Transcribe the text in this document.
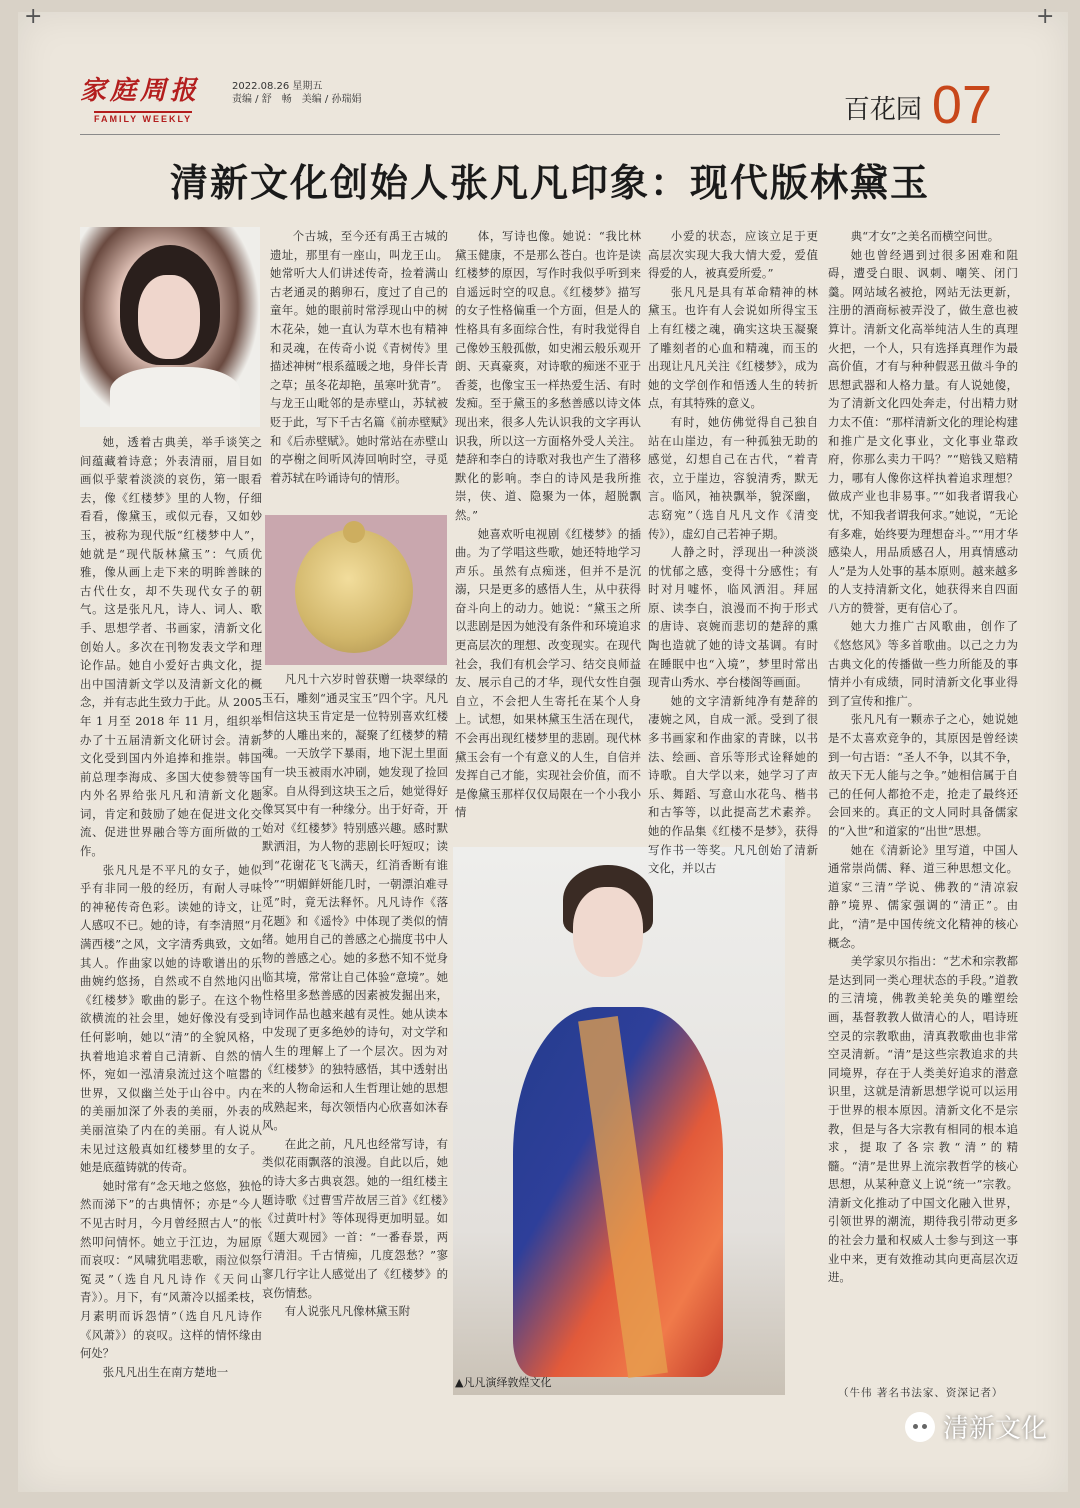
+	+
家庭周报
FAMILY WEEKLY
2022.08.26 星期五
责编 / 舒　畅　美编 / 孙瑞娟	百花园 07
清新文化创始人张凡凡印象：现代版林黛玉
▲凡凡演绎敦煌文化

她，透着古典美，举手谈笑之间蕴藏着诗意；外表清丽，眉目如画似乎蒙着淡淡的哀伤，第一眼看去，像《红楼梦》里的人物，仔细看看，像黛玉，或似元春，又如妙玉，被称为现代版“红楼梦中人”，她就是“现代版林黛玉”：气质优雅，像从画上走下来的明眸善睐的古代仕女，却不失现代女子的朝气。这是张凡凡，诗人、词人、歌手、思想学者、书画家，清新文化创始人。多次在刊物发表文学和理论作品。她自小爱好古典文化，提出中国清新文学以及清新文化的概念，并有志此生致力于此。从 2005 年 1 月至 2018 年 11 月，组织举办了十五届清新文化研讨会。清新文化受到国内外追捧和推崇。韩国前总理李海成、多国大使参赞等国内外名界给张凡凡和清新文化题词，肯定和鼓励了她在促进文化交流、促进世界融合等方面所做的工作。

张凡凡是不平凡的女子，她似乎有非同一般的经历，有耐人寻味的神秘传奇色彩。读她的诗文，让人感叹不已。她的诗，有李清照“月满西楼”之风，文字清秀典致，文如其人。作曲家以她的诗歌谱出的乐曲婉约悠扬，自然或不自然地闪出《红楼梦》歌曲的影子。在这个物欲横流的社会里，她好像没有受到任何影响，她以“清”的全貌风格，执着地追求着自己清新、自然的情怀，宛如一泓清泉流过这个喧嚣的世界，又似幽兰处于山谷中。内在的美丽加深了外表的美丽，外表的美丽渲染了内在的美丽。有人说从未见过这般真如红楼梦里的女子。她是底蕴铸就的传奇。

她时常有“念天地之悠悠，独怆然而涕下”的古典情怀；亦是“今人不见古时月，今月曾经照古人”的怅然叩问情怀。她立于江边，为屈原而哀叹：“风啸犹唱悲歌，雨泣似祭冤灵”（选自凡凡诗作《天问山青》）。月下，有“风萧冷以摇柔枝，月素明而诉怨情”（选自凡凡诗作《风萧》）的哀叹。这样的情怀缘由何处？

张凡凡出生在南方楚地一

个古城，至今还有禹王古城的遗址，那里有一座山，叫龙王山。她常听大人们讲述传奇，捡着满山古老通灵的鹅卵石，度过了自己的童年。她的眼前时常浮现山中的树木花朵，她一直认为草木也有精神和灵魂，在传奇小说《青树传》里描述神树“根系蕴暖之地，身伴长青之草；虽冬花却艳，虽寒叶犹青”。与龙王山毗邻的是赤壁山，苏轼被贬于此，写下千古名篇《前赤壁赋》和《后赤壁赋》。她时常站在赤壁山的亭榭之间听风涛回响时空，寻觅着苏轼在吟诵诗句的情形。

凡凡十六岁时曾获赠一块翠绿的玉石，雕刻“通灵宝玉”四个字。凡凡相信这块玉肯定是一位特别喜欢红楼梦的人雕出来的，凝聚了红楼梦的精魂。一天放学下暴雨，地下泥土里面有一块玉被雨水冲刷，她发现了捡回家。自从得到这块玉之后，她觉得好像冥冥中有一种缘分。出于好奇，开始对《红楼梦》特别感兴趣。感时默默洒泪，为人物的悲剧长吁短叹；读到“花谢花飞飞满天，红消香断有谁怜”“明媚鲜妍能几时，一朝漂泊难寻觅”时，竟无法释怀。凡凡诗作《落花题》和《遥怜》中体现了类似的情绪。她用自己的善感之心揣度书中人物的善感之心。她的多愁不知不觉身临其境，常常让自己体验“意境”。她性格里多愁善感的因素被发掘出来，诗词作品也越来越有灵性。她从读本中发现了更多绝妙的诗句，对文学和人生的理解上了一个层次。因为对《红楼梦》的独特感悟，其中透射出来的人物命运和人生哲理让她的思想成熟起来，每次领悟内心欣喜如沐春风。

在此之前，凡凡也经常写诗，有类似花雨飘落的浪漫。自此以后，她的诗大多古典哀怨。她的一组红楼主题诗歌《过曹雪芹故居三首》《红楼》《过黄叶村》等体现得更加明显。如《题大观园》一首：“一番春景，两行清泪。千古情痴，几度怨愁？”寥寥几行字让人感觉出了《红楼梦》的哀伤情愁。

有人说张凡凡像林黛玉附

体，写诗也像。她说：“我比林黛玉健康，不是那么苍白。也许是读红楼梦的原因，写作时我似乎听到来自遥远时空的叹息。《红楼梦》描写的女子性格偏重一个方面，但是人的性格具有多面综合性，有时我觉得自己像妙玉般孤傲，如史湘云般乐观开朗、天真豪爽，对诗歌的痴迷不亚于香菱，也像宝玉一样热爱生活、有时发痴。至于黛玉的多愁善感以诗文体现出来，很多人先认识我的文字再认识我，所以这一方面格外受人关注。楚辞和李白的诗歌对我也产生了潜移默化的影响。李白的诗风是我所推崇，侠、道、隐聚为一体，超脱飘然。”

她喜欢听电视剧《红楼梦》的插曲。为了学唱这些歌，她还特地学习声乐。虽然有点痴迷，但并不是沉溺，只是更多的感悟人生，从中获得奋斗向上的动力。她说：“黛玉之所以悲剧是因为她没有条件和环境追求更高层次的理想、改变现实。在现代社会，我们有机会学习、结交良师益友、展示自己的才华，现代女性自强自立，不会把人生寄托在某个人身上。试想，如果林黛玉生活在现代，不会再出现红楼梦里的悲剧。现代林黛玉会有一个有意义的人生，自信并发挥自己才能，实现社会价值，而不是像黛玉那样仅仅局限在一个小我小情

小爱的状态，应该立足于更高层次实现大我大情大爱，爱值得爱的人，被真爱所爱。”

张凡凡是具有革命精神的林黛玉。也许有人会说如所得宝玉上有红楼之魂，确实这块玉凝聚了雕刻者的心血和精魂，而玉的出现让凡凡关注《红楼梦》，成为她的文学创作和悟透人生的转折点，有其特殊的意义。

有时，她仿佛觉得自己独自站在山崖边，有一种孤独无助的感觉，幻想自己在古代，“着青衣，立于崖边，容貌清秀，默无言。临风，袖袂飘举，貌深幽，志窈宛”（选自凡凡文作《清变传》），虚幻自己若神子期。

人静之时，浮现出一种淡淡的忧郁之感，变得十分感性；有时对月嘘怀，临风洒泪。拜屈原、读李白，浪漫而不拘于形式的唐诗、哀婉而悲切的楚辞的熏陶也造就了她的诗文基调。有时在睡眠中也“入境”，梦里时常出现青山秀水、亭台楼阁等画面。

她的文字清新纯净有楚辞的凄婉之风，自成一派。受到了很多书画家和作曲家的青睐，以书法、绘画、音乐等形式诠释她的诗歌。自大学以来，她学习了声乐、舞蹈、写意山水花鸟、楷书和古筝等，以此提高艺术素养。她的作品集《红楼不是梦》，获得写作书一等奖。凡凡创始了清新文化，并以古

典“才女”之美名而横空问世。

她也曾经遇到过很多困难和阻碍，遭受白眼、讽刺、嘲笑、闭门羹。网站域名被抢，网站无法更新，注册的酒商标被弄没了，做生意也被算计。清新文化高举纯洁人生的真理火把，一个人，只有选择真理作为最高价值，才有与种种假恶丑做斗争的思想武器和人格力量。有人说她傻，为了清新文化四处奔走，付出精力财力太不值：“那样清新文化的理论构建和推广是文化事业，文化事业靠政府，你那么卖力干吗？”“赔钱又赔精力，哪有人像你这样执着追求理想？做成产业也非易事。”“如我者谓我心忧，不知我者谓我何求。”她说，“无论有多难，始终要为理想奋斗。”“用才华感染人，用品质感召人，用真情感动人”是为人处事的基本原则。越来越多的人支持清新文化，她获得来自四面八方的赞誉，更有信心了。

她大力推广古风歌曲，创作了《悠悠风》等多首歌曲。以己之力为古典文化的传播做一些力所能及的事情并小有成绩，同时清新文化事业得到了宣传和推广。

张凡凡有一颗赤子之心，她说她是不太喜欢竞争的，其原因是曾经读到一句古语：“圣人不争，以其不争，故天下无人能与之争。”她相信属于自己的任何人都抢不走，抢走了最终还会回来的。真正的文人同时具备儒家的“入世”和道家的“出世”思想。

她在《清新论》里写道，中国人通常崇尚儒、释、道三种思想文化。道家“三清”学说、佛教的“清凉寂静”境界、儒家强调的“清正”。由此，“清”是中国传统文化精神的核心概念。

美学家贝尔指出：“艺术和宗教都是达到同一类心理状态的手段。”道教的三清境，佛教美轮美奂的雕塑绘画，基督教教人做清心的人，唱诗班空灵的宗教歌曲，清真教歌曲也非常空灵清新。“清”是这些宗教追求的共同境界，存在于人类美好追求的潜意识里，这就是清新思想学说可以运用于世界的根本原因。清新文化不是宗教，但是与各大宗教有相同的根本追求，提取了各宗教“清”的精髓。“清”是世界上流宗教哲学的核心思想，从某种意义上说“统一”宗教。清新文化推动了中国文化融入世界，引领世界的潮流，期待我引带动更多的社会力量和权威人士参与到这一事业中来，更有效推动其向更高层次迈进。

（牛伟 著名书法家、资深记者）
清新文化
